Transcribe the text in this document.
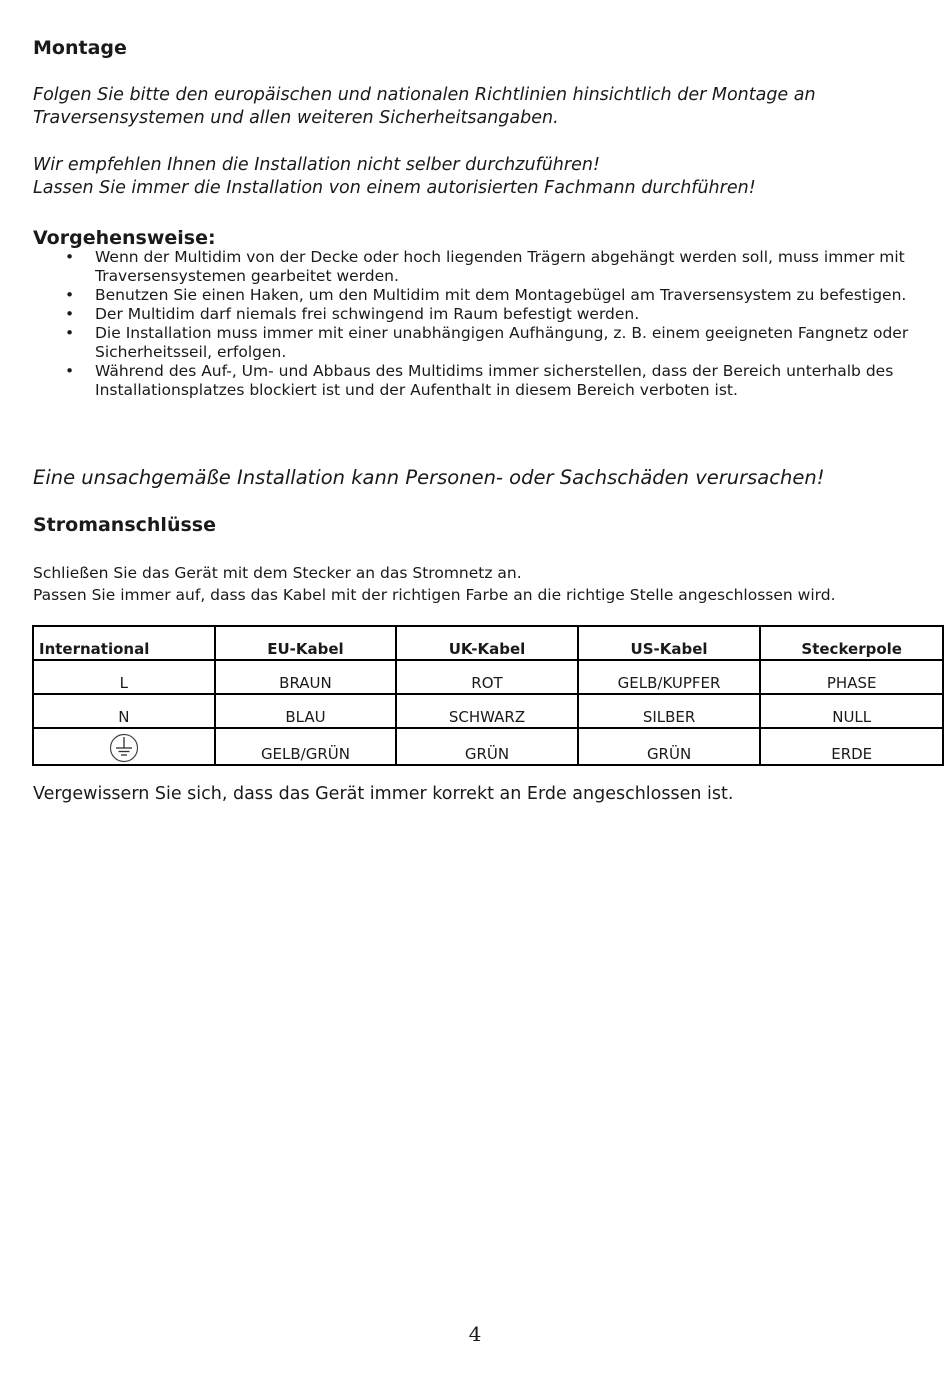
Montage
Folgen Sie bitte den europäischen und nationalen Richtlinien hinsichtlich der Montage an
Traversensystemen und allen weiteren Sicherheitsangaben.
Wir empfehlen Ihnen die Installation nicht selber durchzuführen!
Lassen Sie immer die Installation von einem autorisierten Fachmann durchführen!
Vorgehensweise:
• Wenn der Multidim von der Decke oder hoch liegenden Trägern abgehängt werden soll, muss immer mit Traversensystemen gearbeitet werden.
• Benutzen Sie einen Haken, um den Multidim mit dem Montagebügel am Traversensystem zu befestigen.
• Der Multidim darf niemals frei schwingend im Raum befestigt werden.
• Die Installation muss immer mit einer unabhängigen Aufhängung, z. B. einem geeigneten Fangnetz oder Sicherheitsseil, erfolgen.
• Während des Auf-, Um- und Abbaus des Multidims immer sicherstellen, dass der Bereich unterhalb des Installationsplatzes blockiert ist und der Aufenthalt in diesem Bereich verboten ist.
Eine unsachgemäße Installation kann Personen- oder Sachschäden verursachen!
Stromanschlüsse
Schließen Sie das Gerät mit dem Stecker an das Stromnetz an.
Passen Sie immer auf, dass das Kabel mit der richtigen Farbe an die richtige Stelle angeschlossen wird.
International	EU-Kabel	UK-Kabel	US-Kabel	Steckerpole
L	BRAUN	ROT	GELB/KUPFER	PHASE
N	BLAU	SCHWARZ	SILBER	NULL
	GELB/GRÜN	GRÜN	GRÜN	ERDE
Vergewissern Sie sich, dass das Gerät immer korrekt an Erde angeschlossen ist.
4
